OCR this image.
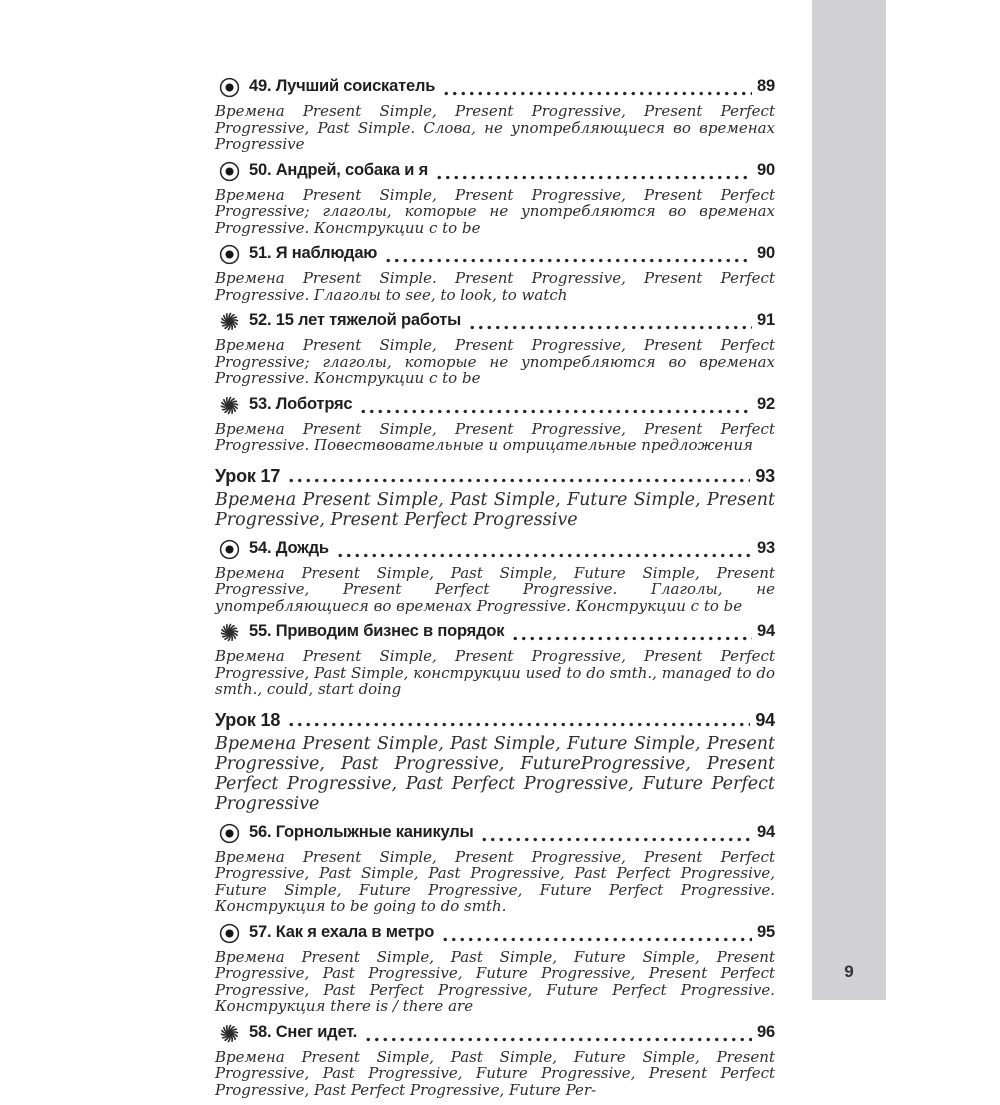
49. Лучший соискатель	89
Времена Present Simple, Present Progressive, Present Perfect Progressive, Past Simple. Слова, не употребляющиеся во временах Progressive
50. Андрей, собака и я	90
Времена Present Simple, Present Progressive, Present Perfect Progressive; глаголы, которые не употребляются во временах Progressive. Конструкции с to be
51. Я наблюдаю	90
Времена Present Simple. Present Progressive, Present Perfect Progressive. Глаголы to see, to look, to watch
52. 15 лет тяжелой работы	91
Времена Present Simple, Present Progressive, Present Perfect Progressive; глаголы, которые не употребляются во временах Progressive. Конструкции с to be
53. Лоботряс	92
Времена Present Simple, Present Progressive, Present Perfect Progressive. Повествовательные и отрицательные предложения
Урок 17	93
Времена Present Simple, Past Simple, Future Simple, Present Progressive, Present Perfect Progressive
54. Дождь	93
Времена Present Simple, Past Simple, Future Simple, Present Progressive, Present Perfect Progressive. Глаголы, не употребляющиеся во временах Progressive. Конструкции с to be
55. Приводим бизнес в порядок	94
Времена Present Simple, Present Progressive, Present Perfect Progressive, Past Simple, конструкции used to do smth., managed to do smth., could, start doing
Урок 18	94
Времена Present Simple, Past Simple, Future Simple, Present Progressive, Past Progressive, FutureProgressive, Present Perfect Progressive, Past Perfect Progressive, Future Perfect Progressive
56. Горнолыжные каникулы	94
Времена Present Simple, Present Progressive, Present Perfect Progressive, Past Simple, Past Progressive, Past Perfect Progressive, Future Simple, Future Progressive, Future Perfect Progressive. Конструкция to be going to do smth.
57. Как я ехала в метро	95
Времена Present Simple, Past Simple, Future Simple, Present Progressive, Past Progressive, Future Progressive, Present Perfect Progressive, Past Perfect Progressive, Future Perfect Progressive. Конструкция there is / there are
58. Снег идет.	96
Времена Present Simple, Past Simple, Future Simple, Present Progressive, Past Progressive, Future Progressive, Present Perfect Progressive, Past Perfect Progressive, Future Per-
9
